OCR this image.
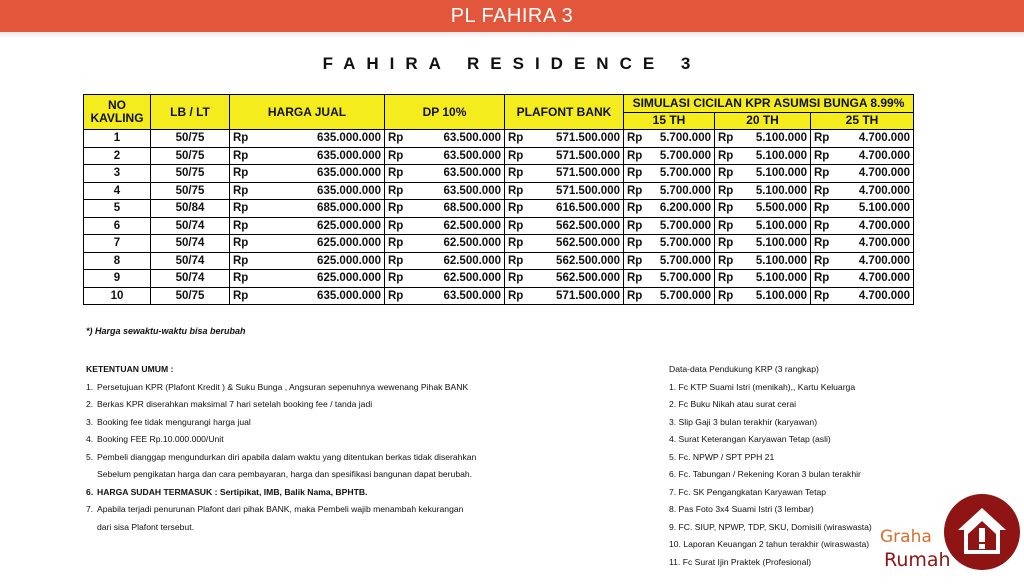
PL FAHIRA 3
FAHIRA RESIDENCE 3
NO KAVLING	LB / LT	HARGA JUAL		DP 10%		PLAFONT BANK		SIMULASI CICILAN KPR ASUMSI BUNGA 8.99%					
								15 TH		20 TH		25 TH	
1	50/75	Rp	635.000.000	Rp	63.500.000	Rp	571.500.000	Rp	5.700.000	Rp	5.100.000	Rp	4.700.000
2	50/75	Rp	635.000.000	Rp	63.500.000	Rp	571.500.000	Rp	5.700.000	Rp	5.100.000	Rp	4.700.000
3	50/75	Rp	635.000.000	Rp	63.500.000	Rp	571.500.000	Rp	5.700.000	Rp	5.100.000	Rp	4.700.000
4	50/75	Rp	635.000.000	Rp	63.500.000	Rp	571.500.000	Rp	5.700.000	Rp	5.100.000	Rp	4.700.000
5	50/84	Rp	685.000.000	Rp	68.500.000	Rp	616.500.000	Rp	6.200.000	Rp	5.500.000	Rp	5.100.000
6	50/74	Rp	625.000.000	Rp	62.500.000	Rp	562.500.000	Rp	5.700.000	Rp	5.100.000	Rp	4.700.000
7	50/74	Rp	625.000.000	Rp	62.500.000	Rp	562.500.000	Rp	5.700.000	Rp	5.100.000	Rp	4.700.000
8	50/74	Rp	625.000.000	Rp	62.500.000	Rp	562.500.000	Rp	5.700.000	Rp	5.100.000	Rp	4.700.000
9	50/74	Rp	625.000.000	Rp	62.500.000	Rp	562.500.000	Rp	5.700.000	Rp	5.100.000	Rp	4.700.000
10	50/75	Rp	635.000.000	Rp	63.500.000	Rp	571.500.000	Rp	5.700.000	Rp	5.100.000	Rp	4.700.000
*) Harga sewaktu-waktu bisa berubah
KETENTUAN UMUM :
1. Persetujuan KPR (Plafont Kredit ) & Suku Bunga , Angsuran sepenuhnya wewenang Pihak BANK
2. Berkas KPR diserahkan maksimal 7 hari setelah booking fee / tanda jadi
3. Booking fee tidak mengurangi harga jual
4. Booking FEE Rp.10.000.000/Unit
5. Pembeli dianggap mengundurkan diri apabila dalam waktu yang ditentukan berkas tidak diserahkan
Sebelum pengikatan harga dan cara pembayaran, harga dan spesifikasi bangunan dapat berubah.
6. HARGA SUDAH TERMASUK : Sertipikat, IMB, Balik Nama, BPHTB.
7. Apabila terjadi penurunan Plafont dari pihak BANK, maka Pembeli wajib menambah kekurangan
dari sisa Plafont tersebut.
Data-data Pendukung KRP (3 rangkap)
1. Fc KTP Suami Istri (menikah),, Kartu Keluarga
2. Fc Buku Nikah atau surat cerai
3. Slip Gaji 3 bulan terakhir (karyawan)
4. Surat Keterangan Karyawan Tetap (asli)
5. Fc. NPWP / SPT PPH 21
6. Fc. Tabungan / Rekening Koran 3 bulan terakhir
7. Fc. SK Pengangkatan Karyawan Tetap
8. Pas Foto 3x4 Suami Istri (3 lembar)
9. FC. SIUP, NPWP, TDP, SKU, Domisili (wiraswasta)
10. Laporan Keuangan 2 tahun terakhir (wiraswasta)
11. Fc Surat Ijin Praktek (Profesional)
Graha
Rumah
